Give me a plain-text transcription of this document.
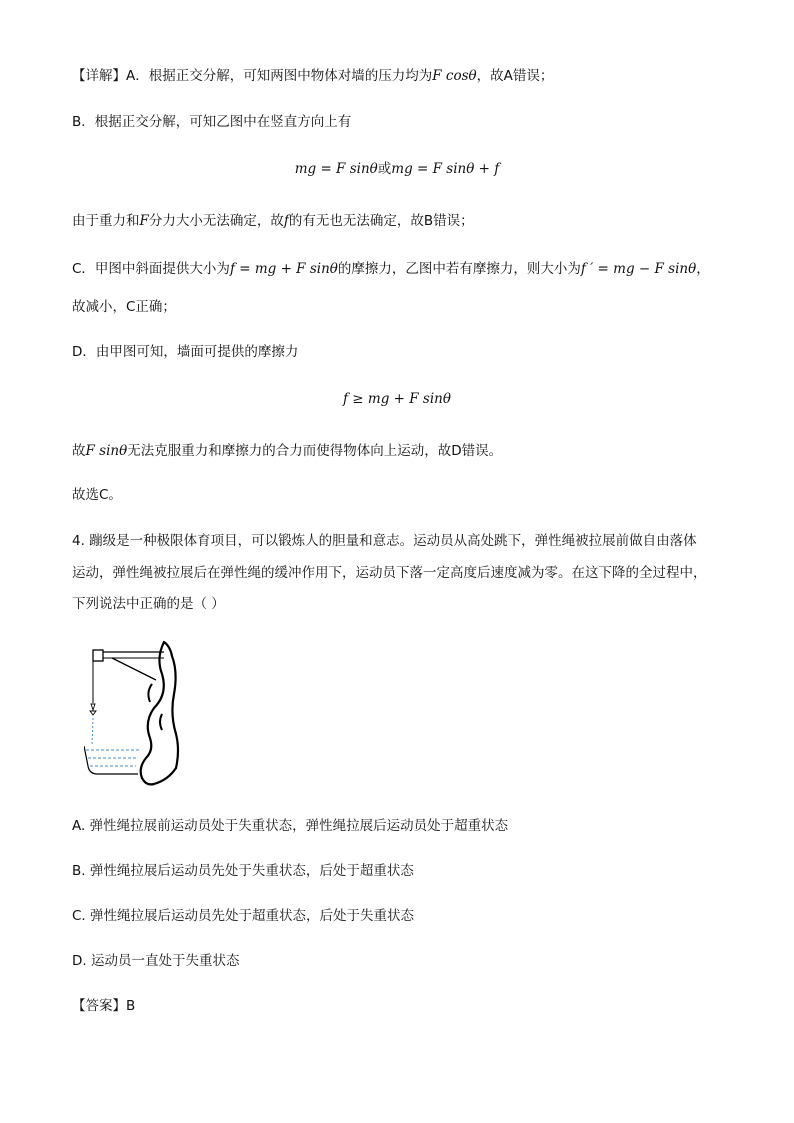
【详解】A．根据正交分解，可知两图中物体对墙的压力均为F cosθ，故A错误；
B．根据正交分解，可知乙图中在竖直方向上有
mg = F sinθ或mg = F sinθ + f
由于重力和F分力大小无法确定，故f的有无也无法确定，故B错误；
C．甲图中斜面提供大小为f = mg + F sinθ的摩擦力，乙图中若有摩擦力，则大小为f ′ = mg − F sinθ，
故减小，C正确；
D．由甲图可知，墙面可提供的摩擦力
f ≥ mg + F sinθ
故F sinθ无法克服重力和摩擦力的合力而使得物体向上运动，故D错误。
故选C。
4. 蹦级是一种极限体育项目，可以锻炼人的胆量和意志。运动员从高处跳下，弹性绳被拉展前做自由落体
运动，弹性绳被拉展后在弹性绳的缓冲作用下，运动员下落一定高度后速度减为零。在这下降的全过程中，
下列说法中正确的是（ ）
A. 弹性绳拉展前运动员处于失重状态，弹性绳拉展后运动员处于超重状态
B. 弹性绳拉展后运动员先处于失重状态，后处于超重状态
C. 弹性绳拉展后运动员先处于超重状态，后处于失重状态
D. 运动员一直处于失重状态
【答案】B
